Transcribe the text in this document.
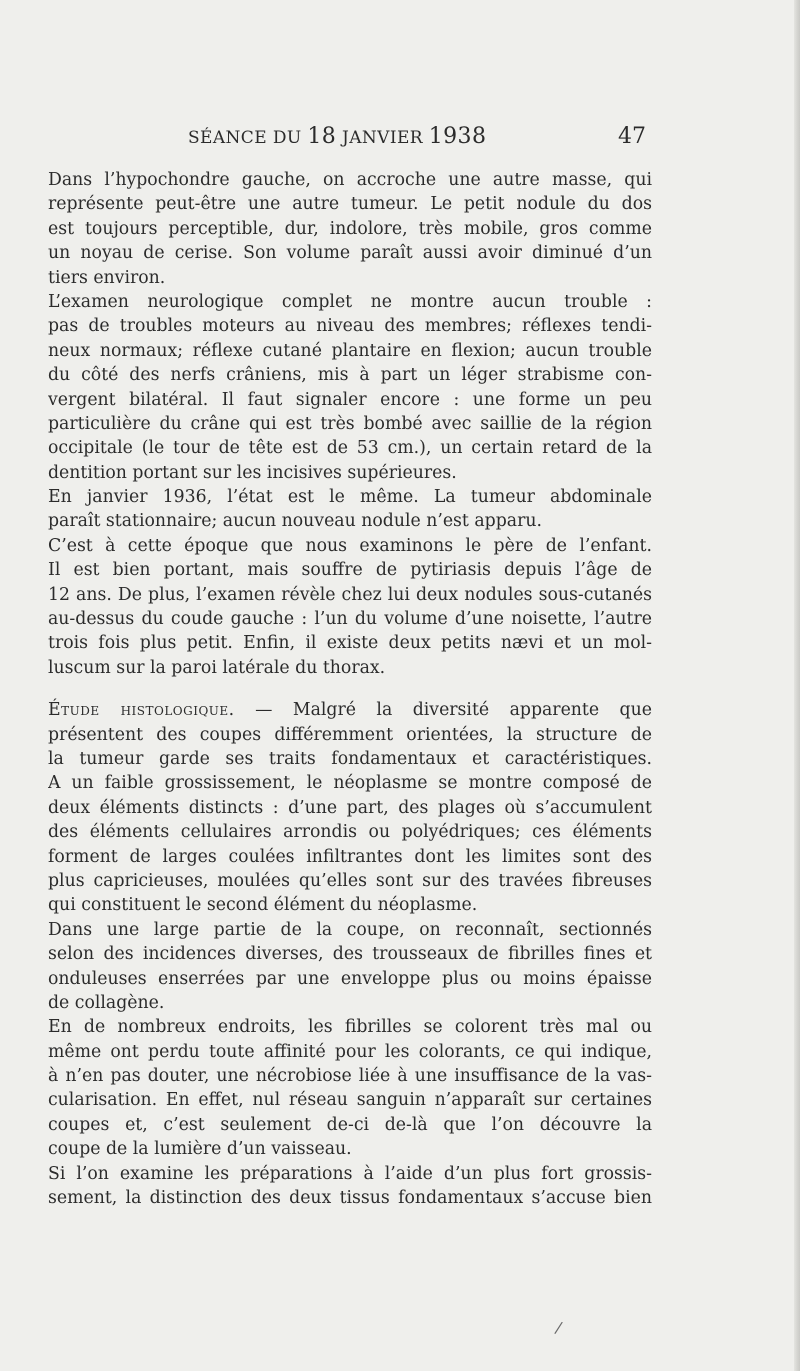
SÉANCE DU 18 JANVIER 1938	47
Dans l’hypochondre gauche, on accroche une autre masse, qui
représente peut-être une autre tumeur. Le petit nodule du dos
est toujours perceptible, dur, indolore, très mobile, gros comme
un noyau de cerise. Son volume paraît aussi avoir diminué d’un
tiers environ.
L’examen neurologique complet ne montre aucun trouble :
pas de troubles moteurs au niveau des membres; réflexes tendi-
neux normaux; réflexe cutané plantaire en flexion; aucun trouble
du côté des nerfs crâniens, mis à part un léger strabisme con-
vergent bilatéral. Il faut signaler encore : une forme un peu
particulière du crâne qui est très bombé avec saillie de la région
occipitale (le tour de tête est de 53 cm.), un certain retard de la
dentition portant sur les incisives supérieures.
En janvier 1936, l’état est le même. La tumeur abdominale
paraît stationnaire; aucun nouveau nodule n’est apparu.
C’est à cette époque que nous examinons le père de l’enfant.
Il est bien portant, mais souffre de pytiriasis depuis l’âge de
12 ans. De plus, l’examen révèle chez lui deux nodules sous-cutanés
au-dessus du coude gauche : l’un du volume d’une noisette, l’autre
trois fois plus petit. Enfin, il existe deux petits nævi et un mol-
luscum sur la paroi latérale du thorax.
Étude histologique. — Malgré la diversité apparente que
présentent des coupes différemment orientées, la structure de
la tumeur garde ses traits fondamentaux et caractéristiques.
A un faible grossissement, le néoplasme se montre composé de
deux éléments distincts : d’une part, des plages où s’accumulent
des éléments cellulaires arrondis ou polyédriques; ces éléments
forment de larges coulées infiltrantes dont les limites sont des
plus capricieuses, moulées qu’elles sont sur des travées fibreuses
qui constituent le second élément du néoplasme.
Dans une large partie de la coupe, on reconnaît, sectionnés
selon des incidences diverses, des trousseaux de fibrilles fines et
onduleuses enserrées par une enveloppe plus ou moins épaisse
de collagène.
En de nombreux endroits, les fibrilles se colorent très mal ou
même ont perdu toute affinité pour les colorants, ce qui indique,
à n’en pas douter, une nécrobiose liée à une insuffisance de la vas-
cularisation. En effet, nul réseau sanguin n’apparaît sur certaines
coupes et, c’est seulement de-ci de-là que l’on découvre la
coupe de la lumière d’un vaisseau.
Si l’on examine les préparations à l’aide d’un plus fort grossis-
sement, la distinction des deux tissus fondamentaux s’accuse bien
/
